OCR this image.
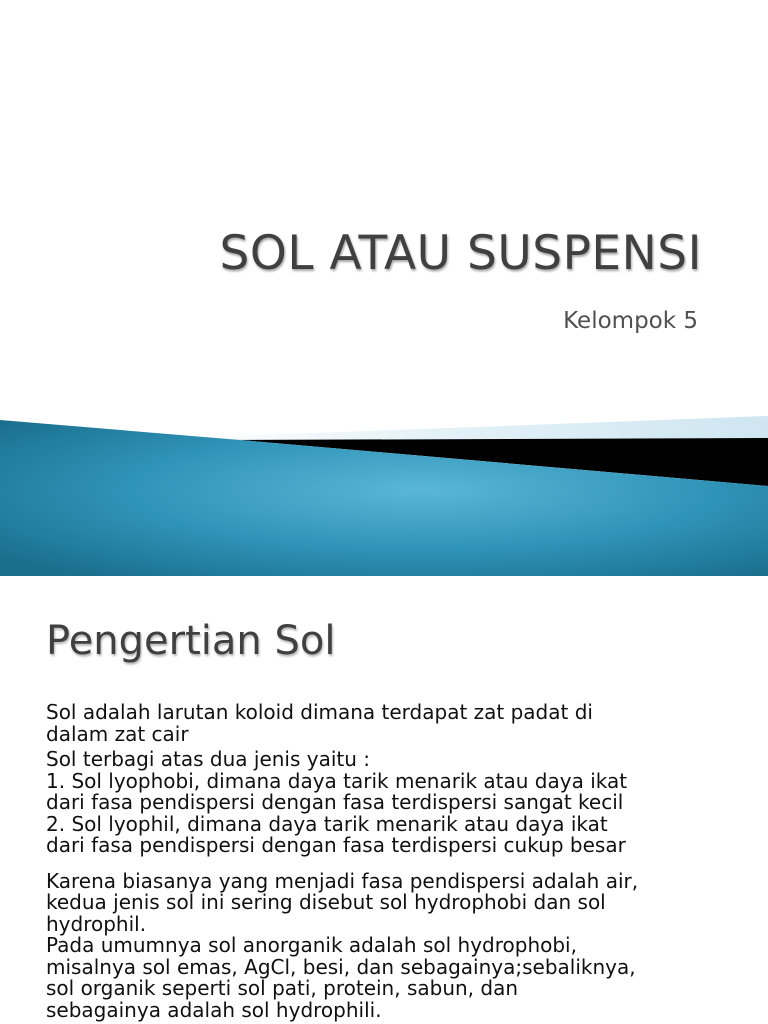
SOL ATAU SUSPENSI
Kelompok 5
Pengertian Sol

Sol adalah larutan koloid dimana terdapat zat padat di

dalam zat cair

Sol terbagi atas dua jenis yaitu :

1. Sol lyophobi, dimana daya tarik menarik atau daya ikat

dari fasa pendispersi dengan fasa terdispersi sangat kecil

2. Sol lyophil, dimana daya tarik menarik atau daya ikat

dari fasa pendispersi dengan fasa terdispersi cukup besar

Karena biasanya yang menjadi fasa pendispersi adalah air,

kedua jenis sol ini sering disebut sol hydrophobi dan sol

hydrophil.

Pada umumnya sol anorganik adalah sol hydrophobi,

misalnya sol emas, AgCl, besi, dan sebagainya;sebaliknya,

sol organik seperti sol pati, protein, sabun, dan

sebagainya adalah sol hydrophili.
